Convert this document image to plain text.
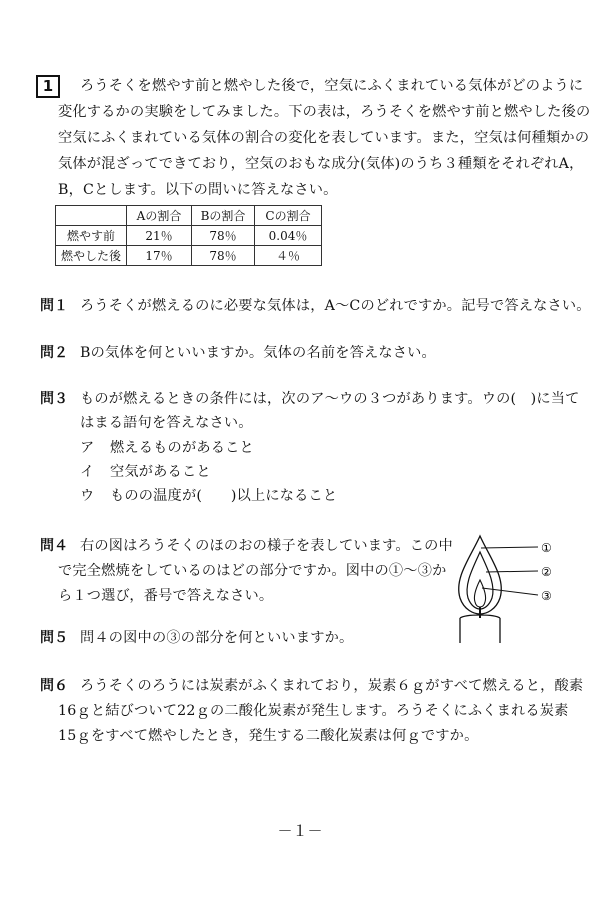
1	ろうそくを燃やす前と燃やした後で，空気にふくまれている気体がどのように
変化するかの実験をしてみました。下の表は，ろうそくを燃やす前と燃やした後の
空気にふくまれている気体の割合の変化を表しています。また，空気は何種類かの
気体が混ざってできており，空気のおもな成分(気体)のうち３種類をそれぞれA，
B，Cとします。以下の問いに答えなさい。
	Aの割合	Bの割合	Cの割合
燃やす前	21％	78％	0.04％
燃やした後	17％	78％	４％
問１ ろうそくが燃えるのに必要な気体は，A～Cのどれですか。記号で答えなさい。
問２ Bの気体を何といいますか。気体の名前を答えなさい。
問３ ものが燃えるときの条件には，次のア～ウの３つがあります。ウの(　)に当て
はまる語句を答えなさい。
ア 燃えるものがあること
イ 空気があること
ウ ものの温度が(　　)以上になること
問４ 右の図はろうそくのほのおの様子を表しています。この中
で完全燃焼をしているのはどの部分ですか。図中の①～③か
ら１つ選び，番号で答えなさい。
①
②
③
問５ 問４の図中の③の部分を何といいますか。
問６ ろうそくのろうには炭素がふくまれており，炭素６ｇがすべて燃えると，酸素
16ｇと結びついて22ｇの二酸化炭素が発生します。ろうそくにふくまれる炭素
15ｇをすべて燃やしたとき，発生する二酸化炭素は何ｇですか。
－１－
